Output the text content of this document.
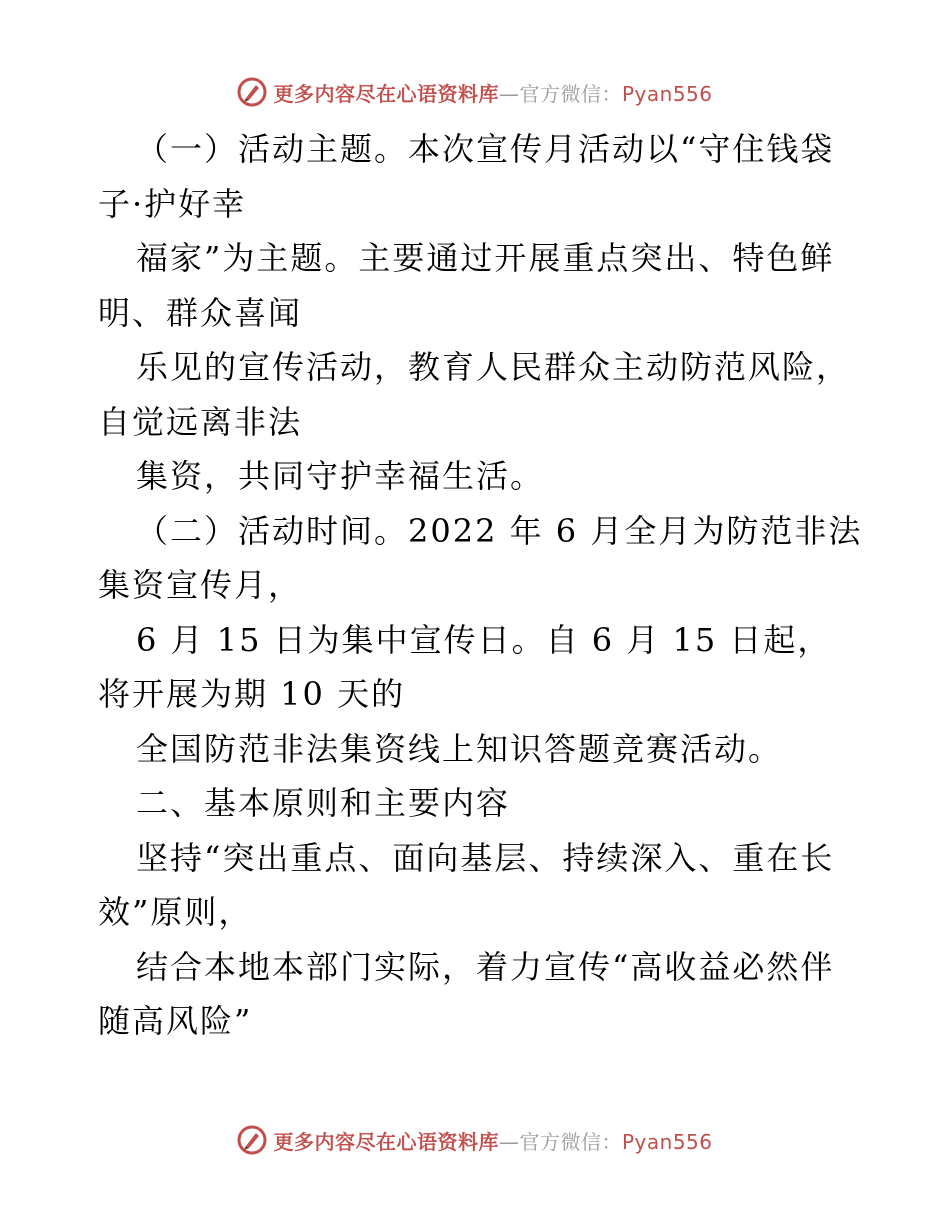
更多内容尽在心语资料库—官方微信：Pyan556
（一）活动主题。本次宣传月活动以“守住钱袋
子·护好幸
福家”为主题。主要通过开展重点突出、特色鲜
明、群众喜闻
乐见的宣传活动，教育人民群众主动防范风险，
自觉远离非法
集资，共同守护幸福生活。
（二）活动时间。2022 年 6 月全月为防范非法
集资宣传月，
6 月 15 日为集中宣传日。自 6 月 15 日起，
将开展为期 10 天的
全国防范非法集资线上知识答题竞赛活动。
二、基本原则和主要内容
坚持“突出重点、面向基层、持续深入、重在长
效”原则，
结合本地本部门实际，着力宣传“高收益必然伴
随高风险”
更多内容尽在心语资料库—官方微信：Pyan556
